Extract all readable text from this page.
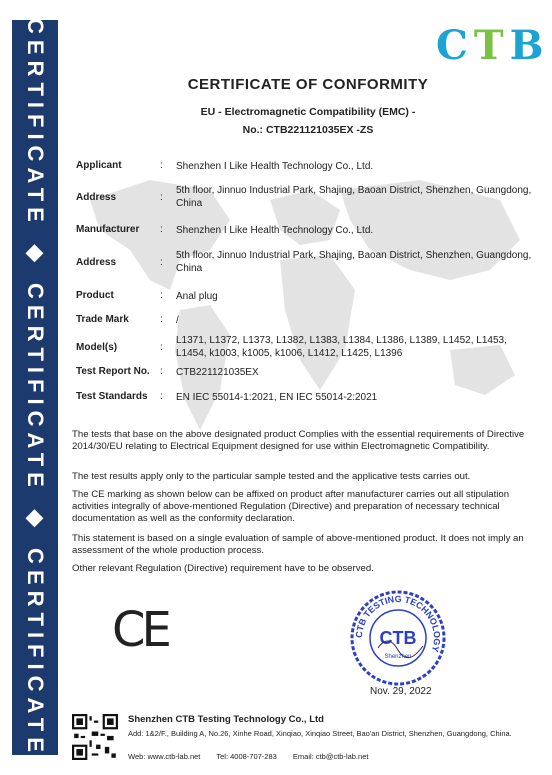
CERTIFICATE ◆ CERTIFICATE ◆ CERTIFICATE	CTB
CERTIFICATE OF CONFORMITY
EU - Electromagnetic Compatibility (EMC) -
No.: CTB221121035EX -ZS
Applicant	: Shenzhen I Like Health Technology Co., Ltd.
Address	:
5th floor, Jinnuo Industrial Park, Shajing, Baoan District, Shenzhen, Guangdong, China
Manufacturer	: Shenzhen I Like Health Technology Co., Ltd.
Address	:
5th floor, Jinnuo Industrial Park, Shajing, Baoan District, Shenzhen, Guangdong, China
Product	: Anal plug
Trade Mark	: /
Model(s)	:
L1371, L1372, L1373, L1382, L1383, L1384, L1386, L1389, L1452, L1453, L1454, k1003, k1005, k1006, L1412, L1425, L1396
Test Report No.	: CTB221121035EX
Test Standards	: EN IEC 55014-1:2021, EN IEC 55014-2:2021
The tests that base on the above designated product Complies with the essential requirements of Directive 2014/30/EU relating to Electrical Equipment designed for use within Electromagnetic Compatibility.
The test results apply only to the particular sample tested and the applicative tests carries out.
The CE marking as shown below can be affixed on product after manufacturer carries out all stipulation activities integrally of above-mentioned Regulation (Directive) and preparation of necessary technical documentation as well as the conformity declaration.
This statement is based on a single evaluation of sample of above-mentioned product. It does not imply an assessment of the whole production process.
Other relevant Regulation (Directive) requirement have to be observed.
CE	CTB TESTING TECHNOLOGY
CTB
Shenzhen
Nov. 29, 2022
Shenzhen CTB Testing Technology Co., Ltd
Add: 1&2/F., Building A, No.26, Xinhe Road, Xinqiao, Xinqiao Street, Bao'an District, Shenzhen, Guangdong, China.
Web: www.ctb-lab.net Tel: 4008-707-283 Email: ctb@ctb-lab.net
